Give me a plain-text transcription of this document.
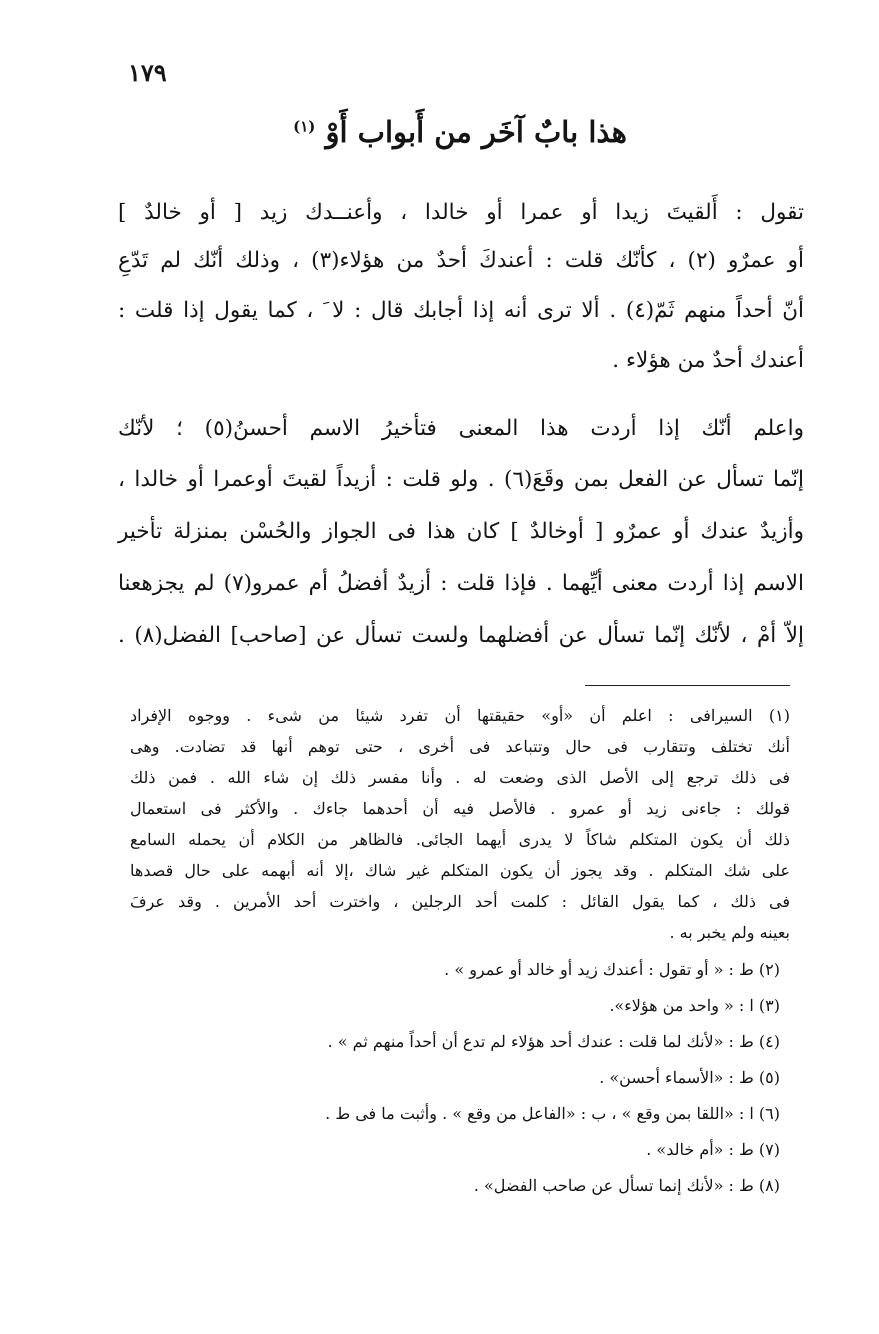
١٧٩
هذا بابٌ آخَر من أَبواب أَوْ $^{(١)}$
تقول : أَلقيتَ زيدا أو عمرا أو خالدا ، وأعنــدك زيد [ أو خالدٌ ]
أو عمرٌو (٢) ، كأنّك قلت : أعندكَ أحدٌ من هؤلاء(٣) ، وذلك أنّك لم تَدّعِ
أنّ أحداً منهم ثَمّ(٤) . ألا ترى أنه إذا أجابك قال : لا َ ، كما يقول إذا قلت :
أعندك أحدٌ من هؤلاء .
واعلم أنّك إذا أردت هذا المعنى فتأخيرُ الاسم أحسنُ(٥) ؛ لأنّك
إنّما تسأل عن الفعل بمن وقَعَ(٦) . ولو قلت : أزيداً لقيتَ أوعمرا أو خالدا ،
وأزيدٌ عندك أو عمرٌو [ أوخالدٌ ] كان هذا فى الجواز والحُسْن بمنزلة تأخير
الاسم إذا أردت معنى أيِّهما . فإذا قلت : أزيدٌ أفضلُ أم عمرو(٧) لم يجزهعنا
إلاّ أمْ ، لأنّك إنّما تسأل عن أفضلهما ولست تسأل عن [صاحب] الفضل(٨) .
(١) السيرافى : اعلم أن «أو» حقيقتها أن تفرد شيئا من شىء . ووجوه الإفراد
أنك تختلف وتتقارب فى حال وتتباعد فى أخرى ، حتى توهم أنها قد تضادت. وهى
فى ذلك ترجع إلى الأصل الذى وضعت له . وأنا مفسر ذلك إن شاء الله . فمن ذلك
قولك : جاءنى زيد أو عمرو . فالأصل فيه أن أحدهما جاءك . والأكثر فى استعمال
ذلك أن يكون المتكلم شاكاً لا يدرى أيهما الجائى. فالظاهر من الكلام أن يحمله السامع
على شك المتكلم . وقد يجوز أن يكون المتكلم غير شاك ،إلا أنه أبهمه على حال قصدها
فى ذلك ، كما يقول القائل : كلمت أحد الرجلين ، واخترت أحد الأمرين . وقد عرفَ
بعينه ولم يخبر به .
(٢) ط : « أو تقول : أعندك زيد أو خالد أو عمرو » .
(٣) ا : « واحد من هؤلاء».
(٤) ط : «لأنك لما قلت : عندك أحد هؤلاء لم تدع أن أحداً منهم ثم » .
(٥) ط : «الأسماء أحسن» .
(٦) ا : «اللقا بمن وقع » ، ب : «الفاعل من وقع » . وأثبت ما فى ط .
(٧) ط : «أم خالد» .
(٨) ط : «لأنك إنما تسأل عن صاحب الفضل» .
